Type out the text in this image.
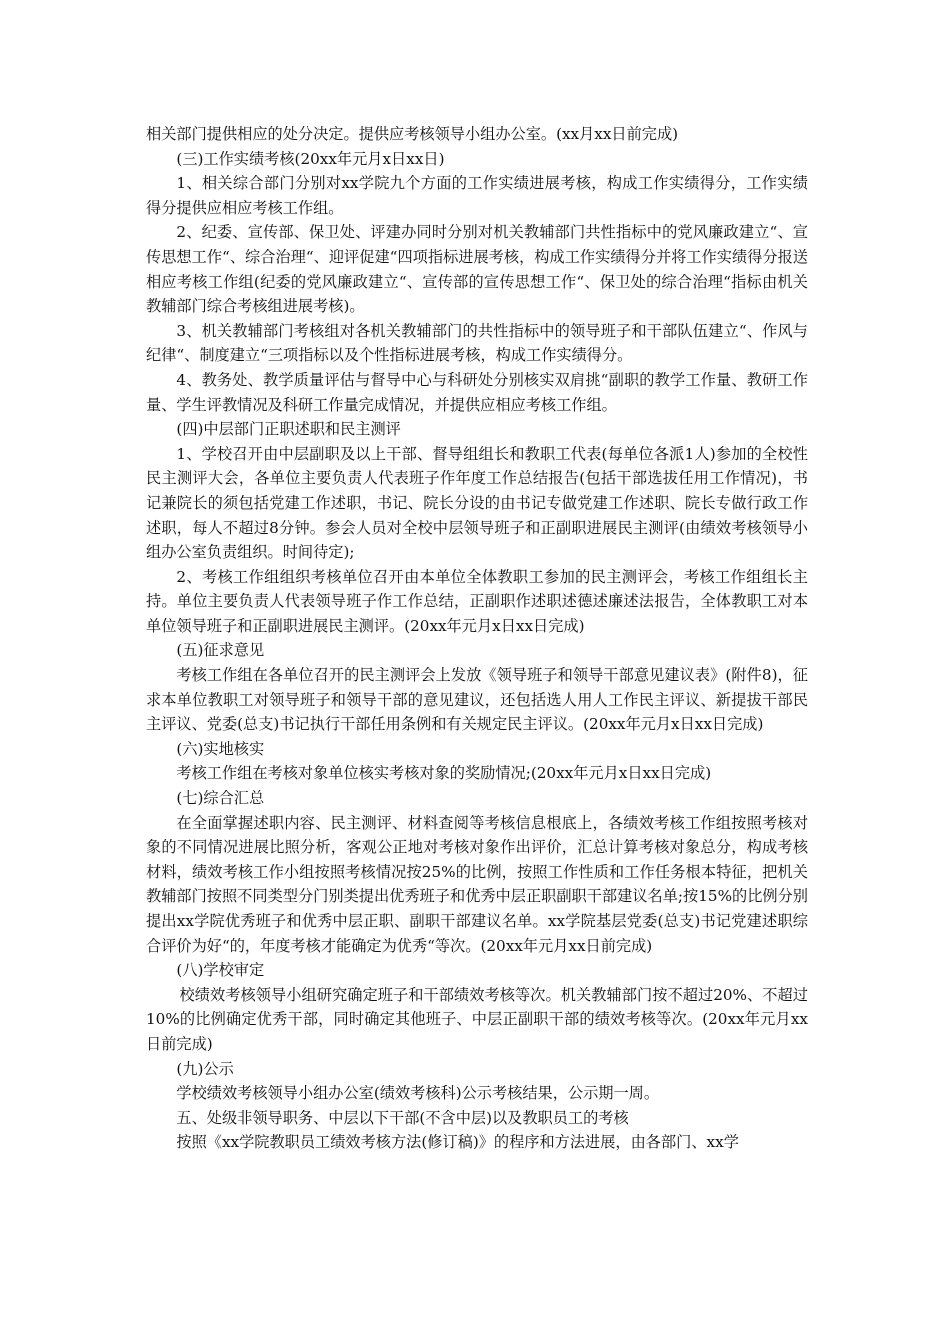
相关部门提供相应的处分决定。提供应考核领导小组办公室。(xx月xx日前完成)

(三)工作实绩考核(20xx年元月x日xx日)

1、相关综合部门分别对xx学院九个方面的工作实绩进展考核，构成工作实绩得分，工作实绩得分提供应相应考核工作组。

2、纪委、宣传部、保卫处、评建办同时分别对机关教辅部门共性指标中的党风廉政建立“、宣传思想工作“、综合治理“、迎评促建“四项指标进展考核，构成工作实绩得分并将工作实绩得分报送相应考核工作组(纪委的党风廉政建立“、宣传部的宣传思想工作“、保卫处的综合治理“指标由机关教辅部门综合考核组进展考核)。

3、机关教辅部门考核组对各机关教辅部门的共性指标中的领导班子和干部队伍建立“、作风与纪律“、制度建立“三项指标以及个性指标进展考核，构成工作实绩得分。

4、教务处、教学质量评估与督导中心与科研处分别核实双肩挑“副职的教学工作量、教研工作量、学生评教情况及科研工作量完成情况，并提供应相应考核工作组。

(四)中层部门正职述职和民主测评

1、学校召开由中层副职及以上干部、督导组组长和教职工代表(每单位各派1人)参加的全校性民主测评大会，各单位主要负责人代表班子作年度工作总结报告(包括干部选拔任用工作情况)，书记兼院长的须包括党建工作述职，书记、院长分设的由书记专做党建工作述职、院长专做行政工作述职，每人不超过8分钟。参会人员对全校中层领导班子和正副职进展民主测评(由绩效考核领导小组办公室负责组织。时间待定);

2、考核工作组组织考核单位召开由本单位全体教职工参加的民主测评会，考核工作组组长主持。单位主要负责人代表领导班子作工作总结，正副职作述职述德述廉述法报告，全体教职工对本单位领导班子和正副职进展民主测评。(20xx年元月x日xx日完成)

(五)征求意见

考核工作组在各单位召开的民主测评会上发放《领导班子和领导干部意见建议表》(附件8)，征求本单位教职工对领导班子和领导干部的意见建议，还包括选人用人工作民主评议、新提拔干部民主评议、党委(总支)书记执行干部任用条例和有关规定民主评议。(20xx年元月x日xx日完成)

(六)实地核实

考核工作组在考核对象单位核实考核对象的奖励情况;(20xx年元月x日xx日完成)

(七)综合汇总

在全面掌握述职内容、民主测评、材料查阅等考核信息根底上，各绩效考核工作组按照考核对象的不同情况进展比照分析，客观公正地对考核对象作出评价，汇总计算考核对象总分，构成考核材料，绩效考核工作小组按照考核情况按25%的比例，按照工作性质和工作任务根本特征，把机关教辅部门按照不同类型分门别类提出优秀班子和优秀中层正职副职干部建议名单;按15%的比例分别提出xx学院优秀班子和优秀中层正职、副职干部建议名单。xx学院基层党委(总支)书记党建述职综合评价为好“的，年度考核才能确定为优秀“等次。(20xx年元月xx日前完成)

(八)学校审定

校绩效考核领导小组研究确定班子和干部绩效考核等次。机关教辅部门按不超过20%、不超过10%的比例确定优秀干部，同时确定其他班子、中层正副职干部的绩效考核等次。(20xx年元月xx日前完成)

(九)公示

学校绩效考核领导小组办公室(绩效考核科)公示考核结果，公示期一周。

五、处级非领导职务、中层以下干部(不含中层)以及教职员工的考核

按照《xx学院教职员工绩效考核方法(修订稿)》的程序和方法进展，由各部门、xx学
